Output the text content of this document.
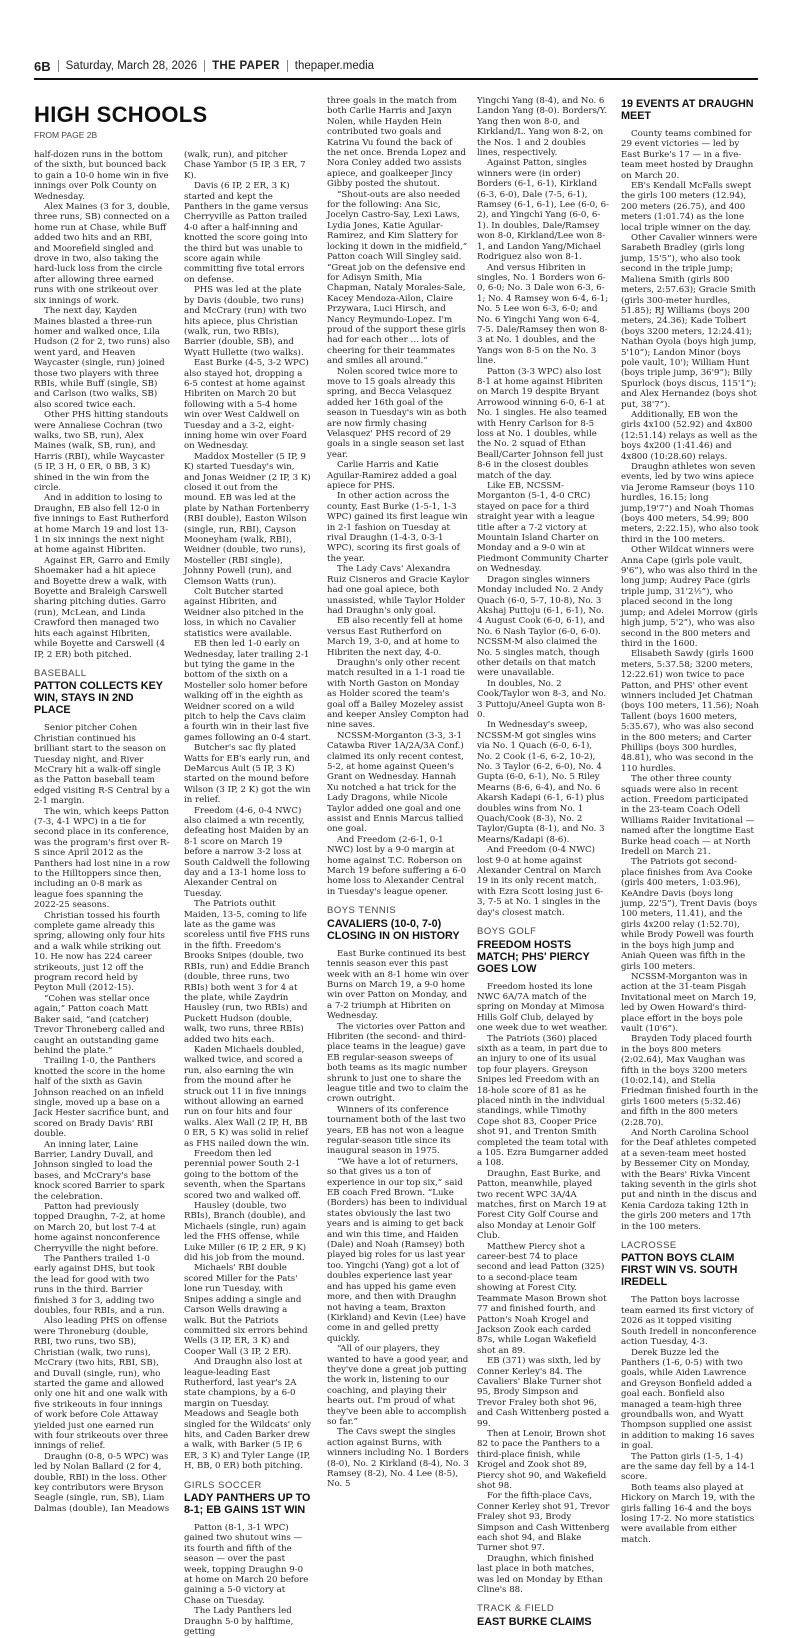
6B Saturday, March 28, 2026 THE PAPER thepaper.media
HIGH SCHOOLS
FROM PAGE 2B

half-dozen runs in the bottom of the sixth, but bounced back to gain a 10-0 home win in five innings over Polk County on Wednesday.

Alex Maines (3 for 3, double, three runs, SB) connected on a home run at Chase, while Buff added two hits and an RBI, and Moorefield singled and drove in two, also taking the hard-luck loss from the circle after allowing three earned runs with one strikeout over six innings of work.

The next day, Kayden Maines blasted a three-run homer and walked once, Lila Hudson (2 for 2, two runs) also went yard, and Heaven Waycaster (single, run) joined those two players with three RBIs, while Buff (single, SB) and Carlson (two walks, SB) also scored twice each.

Other PHS hitting standouts were Annaliese Cochran (two walks, two SB, run), Alex Maines (walk, SB, run), and Harris (RBI), while Waycaster (5 IP, 3 H, 0 ER, 0 BB, 3 K) shined in the win from the circle.

And in addition to losing to Draughn, EB also fell 12-0 in five innings to East Rutherford at home March 19 and lost 13-1 in six innings the next night at home against Hibriten.

Against ER, Garro and Emily Shoemaker had a hit apiece and Boyette drew a walk, with Boyette and Braleigh Carswell sharing pitching duties. Garro (run), McLean, and Linda Crawford then managed two hits each against Hibriten, while Boyette and Carswell (4 IP, 2 ER) both pitched.

BASEBALL
PATTON COLLECTS KEY WIN, STAYS IN 2ND PLACE

Senior pitcher Cohen Christian continued his brilliant start to the season on Tuesday night, and River McCrary hit a walk-off single as the Patton baseball team edged visiting R-S Central by a 2-1 margin.

The win, which keeps Patton (7-3, 4-1 WPC) in a tie for second place in its conference, was the program's first over R-S since April 2012 as the Panthers had lost nine in a row to the Hilltoppers since then, including an 0-8 mark as league foes spanning the 2022-25 seasons.

Christian tossed his fourth complete game already this spring, allowing only four hits and a walk while striking out 10. He now has 224 career strikeouts, just 12 off the program record held by Peyton Mull (2012-15).

“Cohen was stellar once again,” Patton coach Matt Baker said, “and (catcher) Trevor Throneberg called and caught an outstanding game behind the plate.”

Trailing 1-0, the Panthers knotted the score in the home half of the sixth as Gavin Johnson reached on an infield single, moved up a base on a Jack Hester sacrifice bunt, and scored on Brady Davis' RBI double.

An inning later, Laine Barrier, Landry Duvall, and Johnson singled to load the bases, and McCrary's base knock scored Barrier to spark the celebration.

Patton had previously topped Draughn, 7-2, at home on March 20, but lost 7-4 at home against nonconference Cherryville the night before.

The Panthers trailed 1-0 early against DHS, but took the lead for good with two runs in the third. Barrier finished 3 for 3, adding two doubles, four RBIs, and a run.

Also leading PHS on offense were Throneburg (double, RBI, two runs, two SB), Christian (walk, two runs), McCrary (two hits, RBI, SB), and Duvall (single, run), who started the game and allowed only one hit and one walk with five strikeouts in four innings of work before Cole Attaway yielded just one earned run with four strikeouts over three innings of relief.

Draughn (0-8, 0-5 WPC) was led by Nolan Ballard (2 for 4, double, RBI) in the loss. Other key contributors were Bryson Seagle (single, run, SB), Liam Dalmas (double), Ian Meadows

(walk, run), and pitcher Chase Yambor (5 IP, 3 ER, 7 K).

Davis (6 IP, 2 ER, 3 K) started and kept the Panthers in the game versus Cherryville as Patton trailed 4-0 after a half-inning and knotted the score going into the third but was unable to score again while committing five total errors on defense.

PHS was led at the plate by Davis (double, two runs) and McCrary (run) with two hits apiece, plus Christian (walk, run, two RBIs), Barrier (double, SB), and Wyatt Hullette (two walks).

East Burke (4-5, 3-2 WPC) also stayed hot, dropping a 6-5 contest at home against Hibriten on March 20 but following with a 5-4 home win over West Caldwell on Tuesday and a 3-2, eight-inning home win over Foard on Wednesday.

Maddox Mosteller (5 IP, 9 K) started Tuesday's win, and Jonas Weidner (2 IP, 3 K) closed it out from the mound. EB was led at the plate by Nathan Fortenberry (RBI double), Easton Wilson (single, run, RBI), Cayson Mooneyham (walk, RBI), Weidner (double, two runs), Mosteller (RBI single), Johnny Powell (run), and Clemson Watts (run).

Colt Butcher started against Hibriten, and Weidner also pitched in the loss, in which no Cavalier statistics were available.

EB then led 1-0 early on Wednesday, later trailing 2-1 but tying the game in the bottom of the sixth on a Mosteller solo homer before walking off in the eighth as Weidner scored on a wild pitch to help the Cavs claim a fourth win in their last five games following an 0-4 start.

Butcher's sac fly plated Watts for EB's early run, and DeMarcus Ault (5 IP, 3 K) started on the mound before Wilson (3 IP, 2 K) got the win in relief.

Freedom (4-6, 0-4 NWC) also claimed a win recently, defeating host Maiden by an 8-1 score on March 19 before a narrow 3-2 loss at South Caldwell the following day and a 13-1 home loss to Alexander Central on Tuesday.

The Patriots outhit Maiden, 13-5, coming to life late as the game was scoreless until five FHS runs in the fifth. Freedom's Brooks Snipes (double, two RBIs, run) and Eddie Branch (double, three runs, two RBIs) both went 3 for 4 at the plate, while Zaydrin Hausley (run, two RBIs) and Puckett Hudson (double, walk, two runs, three RBIs) added two hits each.

Kaden Michaels doubled, walked twice, and scored a run, also earning the win from the mound after he struck out 11 in five innings without allowing an earned run on four hits and four walks. Alex Wall (2 IP, H, BB 0 ER, 5 K) was solid in relief as FHS nailed down the win.

Freedom then led perennial power South 2-1 going to the bottom of the seventh, when the Spartans scored two and walked off.

Hausley (double, two RBIs), Branch (double), and Michaels (single, run) again led the FHS offense, while Luke Miller (6 IP, 2 ER, 9 K) did his job from the mound.

Michaels' RBI double scored Miller for the Pats' lone run Tuesday, with Snipes adding a single and Carson Wells drawing a walk. But the Patriots committed six errors behind Wells (3 IP, ER, 3 K) and Cooper Wall (3 IP, 2 ER).

And Draughn also lost at league-leading East Rutherford, last year's 2A state champions, by a 6-0 margin on Tuesday. Meadows and Seagle both singled for the Wildcats' only hits, and Caden Barker drew a walk, with Barker (5 IP, 6 ER, 3 K) and Tyler Lange (IP, H, BB, 0 ER) both pitching.

GIRLS SOCCER
LADY PANTHERS UP TO 8-1; EB GAINS 1ST WIN

Patton (8-1, 3-1 WPC) gained two shutout wins — its fourth and fifth of the season — over the past week, topping Draughn 9-0 at home on March 20 before gaining a 5-0 victory at Chase on Tuesday.

The Lady Panthers led Draughn 5-0 by halftime, getting

three goals in the match from both Carlie Harris and Jaxyn Nolen, while Hayden Hein contributed two goals and Katrina Vu found the back of the net once. Brenda Lopez and Nora Conley added two assists apiece, and goalkeeper Jincy Gibby posted the shutout.

“Shout-outs are also needed for the following: Ana Sic, Jocelyn Castro-Say, Lexi Laws, Lydia Jones, Katie Aguilar-Ramirez, and Kim Slattery for locking it down in the midfield,” Patton coach Will Singley said. “Great job on the defensive end for Adisyn Smith, Mia Chapman, Nataly Morales-Sale, Kacey Mendoza-Ailon, Claire Przywara, Luci Hirsch, and Nancy Reymundo-Lopez. I'm proud of the support these girls had for each other … lots of cheering for their teammates and smiles all around.”

Nolen scored twice more to move to 15 goals already this spring, and Becca Velasquez added her 16th goal of the season in Tuesday's win as both are now firmly chasing Velasquez' PHS record of 29 goals in a single season set last year.

Carlie Harris and Katie Aguilar-Ramirez added a goal apiece for PHS.

In other action across the county, East Burke (1-5-1, 1-3 WPC) gained its first league win in 2-1 fashion on Tuesday at rival Draughn (1-4-3, 0-3-1 WPC), scoring its first goals of the year.

The Lady Cavs' Alexandra Ruiz Cisneros and Gracie Kaylor had one goal apiece, both unassisted, while Taylor Holder had Draughn's only goal.

EB also recently fell at home versus East Rutherford on March 19, 3-0, and at home to Hibriten the next day, 4-0.

Draughn's only other recent match resulted in a 1-1 road tie with North Gaston on Monday as Holder scored the team's goal off a Bailey Mozeley assist and keeper Ansley Compton had nine saves.

NCSSM-Morganton (3-3, 3-1 Catawba River 1A/2A/3A Conf.) claimed its only recent contest, 5-2, at home against Queen's Grant on Wednesday. Hannah Xu notched a hat trick for the Lady Dragons, while Nicole Taylor added one goal and one assist and Ennis Marcus tallied one goal.

And Freedom (2-6-1, 0-1 NWC) lost by a 9-0 margin at home against T.C. Roberson on March 19 before suffering a 6-0 home loss to Alexander Central in Tuesday's league opener.

BOYS TENNIS
CAVALIERS (10-0, 7-0) CLOSING IN ON HISTORY

East Burke continued its best tennis season ever this past week with an 8-1 home win over Burns on March 19, a 9-0 home win over Patton on Monday, and a 7-2 triumph at Hibriten on Wednesday.

The victories over Patton and Hibriten (the second- and third-place teams in the league) gave EB regular-season sweeps of both teams as its magic number shrunk to just one to share the league title and two to claim the crown outright.

Winners of its conference tournament both of the last two years, EB has not won a league regular-season title since its inaugural season in 1975.

“We have a lot of returners, so that gives us a ton of experience in our top six,” said EB coach Fred Brown. “Luke (Borders) has been to individual states obviously the last two years and is aiming to get back and win this time, and Haiden (Dale) and Noah (Ramsey) both played big roles for us last year too. Yingchi (Yang) got a lot of doubles experience last year and has upped his game even more, and then with Draughn not having a team, Braxton (Kirkland) and Kevin (Lee) have come in and gelled pretty quickly.

“All of our players, they wanted to have a good year, and they've done a great job putting the work in, listening to our coaching, and playing their hearts out. I'm proud of what they've been able to accomplish so far.”

The Cavs swept the singles action against Burns, with winners including No. 1 Borders (8-0), No. 2 Kirkland (8-4), No. 3 Ramsey (8-2), No. 4 Lee (8-5), No. 5

Yingchi Yang (8-4), and No. 6 Landon Yang (8-0). Borders/Y. Yang then won 8-0, and Kirkland/L. Yang won 8-2, on the Nos. 1 and 2 doubles lines, respectively.

Against Patton, singles winners were (in order) Borders (6-1, 6-1), Kirkland (6-3, 6-0), Dale (7-5, 6-1), Ramsey (6-1, 6-1), Lee (6-0, 6-2), and Yingchi Yang (6-0, 6-1). In doubles, Dale/Ramsey won 8-0, Kirkland/Lee won 8-1, and Landon Yang/Michael Rodriguez also won 8-1.

And versus Hibriten in singles, No. 1 Borders won 6-0, 6-0; No. 3 Dale won 6-3, 6-1; No. 4 Ramsey won 6-4, 6-1; No. 5 Lee won 6-3, 6-0; and No. 6 Yingchi Yang won 6-4, 7-5. Dale/Ramsey then won 8-3 at No. 1 doubles, and the Yangs won 8-5 on the No. 3 line.

Patton (3-3 WPC) also lost 8-1 at home against Hibriten on March 19 despite Bryant Arrowood winning 6-0, 6-1 at No. 1 singles. He also teamed with Henry Carlson for 8-5 loss at No. 1 doubles, while the No. 2 squad of Ethan Beall/Carter Johnson fell just 8-6 in the closest doubles match of the day.

Like EB, NCSSM-Morganton (5-1, 4-0 CRC) stayed on pace for a third straight year with a league title after a 7-2 victory at Mountain Island Charter on Monday and a 9-0 win at Piedmont Community Charter on Wednesday.

Dragon singles winners Monday included No. 2 Andy Quach (6-0, 5-7, 10-8), No. 3 Akshaj Puttoju (6-1, 6-1), No. 4 August Cook (6-0, 6-1), and No. 6 Nash Taylor (6-0, 6-0). NCSSM-M also claimed the No. 5 singles match, though other details on that match were unavailable.

In doubles, No. 2 Cook/Taylor won 8-3, and No. 3 Puttoju/Aneel Gupta won 8-0.

In Wednesday's sweep, NCSSM-M got singles wins via No. 1 Quach (6-0, 6-1), No. 2 Cook (1-6, 6-2, 10-2), No. 3 Taylor (6-2, 6-0), No. 4 Gupta (6-0, 6-1), No. 5 Riley Mearns (8-6, 6-4), and No. 6 Akarsh Kadapi (6-1, 6-1) plus doubles wins from No. 1 Quach/Cook (8-3), No. 2 Taylor/Gupta (8-1), and No. 3 Mearns/Kadapi (8-6).

And Freedom (0-4 NWC) lost 9-0 at home against Alexander Central on March 19 in its only recent match, with Ezra Scott losing just 6-3, 7-5 at No. 1 singles in the day's closest match.

BOYS GOLF
FREEDOM HOSTS MATCH; PHS' PIERCY GOES LOW

Freedom hosted its lone NWC 6A/7A match of the spring on Monday at Mimosa Hills Golf Club, delayed by one week due to wet weather.

The Patriots (360) placed sixth as a team, in part due to an injury to one of its usual top four players. Greyson Snipes led Freedom with an 18-hole score of 81 as he placed ninth in the individual standings, while Timothy Cope shot 83, Cooper Price shot 91, and Trenton Smith completed the team total with a 105. Ezra Bumgarner added a 108.

Draughn, East Burke, and Patton, meanwhile, played two recent WPC 3A/4A matches, first on March 19 at Forest City Golf Course and also Monday at Lenoir Golf Club.

Matthew Piercy shot a career-best 74 to place second and lead Patton (325) to a second-place team showing at Forest City. Teammate Mason Brown shot 77 and finished fourth, and Patton's Noah Krogel and Jackson Zook each carded 87s, while Logan Wakefield shot an 89.

EB (371) was sixth, led by Conner Kerley's 84. The Cavaliers' Blake Turner shot 95, Brody Simpson and Trevor Fraley both shot 96, and Cash Wittenberg posted a 99.

Then at Lenoir, Brown shot 82 to pace the Panthers to a third-place finish, while Krogel and Zook shot 89, Piercy shot 90, and Wakefield shot 98.

For the fifth-place Cavs, Conner Kerley shot 91, Trevor Fraley shot 93, Brody Simpson and Cash Wittenberg each shot 94, and Blake Turner shot 97.

Draughn, which finished last place in both matches, was led on Monday by Ethan Cline's 88.

TRACK & FIELD
EAST BURKE CLAIMS
19 EVENTS AT DRAUGHN MEET

County teams combined for 29 event victories — led by East Burke's 17 — in a five-team meet hosted by Draughn on March 20.

EB's Kendall McFalls swept the girls 100 meters (12.94), 200 meters (26.75), and 400 meters (1:01.74) as the lone local triple winner on the day.

Other Cavalier winners were Sarabeth Bradley (girls long jump, 15'5”), who also took second in the triple jump; Maliena Smith (girls 800 meters, 2:57.63); Gracie Smith (girls 300-meter hurdles, 51.85); RJ Williams (boys 200 meters, 24.36); Kade Tolbert (boys 3200 meters, 12:24.41); Nathan Oyola (boys high jump, 5'10”); Landon Minor (boys pole vault, 10'); William Hunt (boys triple jump, 36'9”); Billy Spurlock (boys discus, 115'1”); and Alex Hernandez (boys shot put, 38'7”).

Additionally, EB won the girls 4x100 (52.92) and 4x800 (12:51.14) relays as well as the boys 4x200 (1:41.46) and 4x800 (10:28.60) relays.

Draughn athletes won seven events, led by two wins apiece via Jerome Ramseur (boys 110 hurdles, 16.15; long jump,19'7”) and Noah Thomas (boys 400 meters, 54.99; 800 meters, 2:22.15), who also took third in the 100 meters.

Other Wildcat winners were Anna Cape (girls pole vault, 9'6”), who was also third in the long jump; Audrey Pace (girls triple jump, 31'2½”), who placed second in the long jump; and Adelei Morrow (girls high jump, 5'2”), who was also second in the 800 meters and third in the 1600.

Elisabeth Sawdy (girls 1600 meters, 5:37.58; 3200 meters, 12:22.61) won twice to pace Patton, and PHS' other event winners included Jet Chatman (boys 100 meters, 11.56); Noah Tallent (boys 1600 meters, 5:35.67), who was also second in the 800 meters; and Carter Phillips (boys 300 hurdles, 48.81), who was second in the 110 hurdles.

The other three county squads were also in recent action. Freedom participated in the 23-team Coach Odell Williams Raider Invitational — named after the longtime East Burke head coach — at North Iredell on March 21.

The Patriots got second-place finishes from Ava Cooke (girls 400 meters, 1:03.96), KeAndre Davis (boys long jump, 22'5”), Trent Davis (boys 100 meters, 11.41), and the girls 4x200 relay (1:52.70), while Brody Powell was fourth in the boys high jump and Aniah Queen was fifth in the girls 100 meters.

NCSSM-Morganton was in action at the 31-team Pisgah Invitational meet on March 19, led by Owen Howard's third-place effort in the boys pole vault (10'6”).

Brayden Tody placed fourth in the boys 800 meters (2:02.64), Max Vaughan was fifth in the boys 3200 meters (10:02.14), and Stella Friedman finished fourth in the girls 1600 meters (5:32.46) and fifth in the 800 meters (2:28.70).

And North Carolina School for the Deaf athletes competed at a seven-team meet hosted by Bessemer City on Monday, with the Bears' Rivka Vincent taking seventh in the girls shot put and ninth in the discus and Kenia Cardoza taking 12th in the girls 200 meters and 17th in the 100 meters.

LACROSSE
PATTON BOYS CLAIM FIRST WIN VS. SOUTH IREDELL

The Patton boys lacrosse team earned its first victory of 2026 as it topped visiting South Iredell in nonconference action Tuesday, 4-3.

Derek Buzze led the Panthers (1-6, 0-5) with two goals, while Aiden Lawrence and Greyson Bonfield added a goal each. Bonfield also managed a team-high three groundballs won, and Wyatt Thompson supplied one assist in addition to making 16 saves in goal.

The Patton girls (1-5, 1-4) are the same day fell by a 14-1 score.

Both teams also played at Hickory on March 19, with the girls falling 16-4 and the boys losing 17-2. No more statistics were available from either match.
